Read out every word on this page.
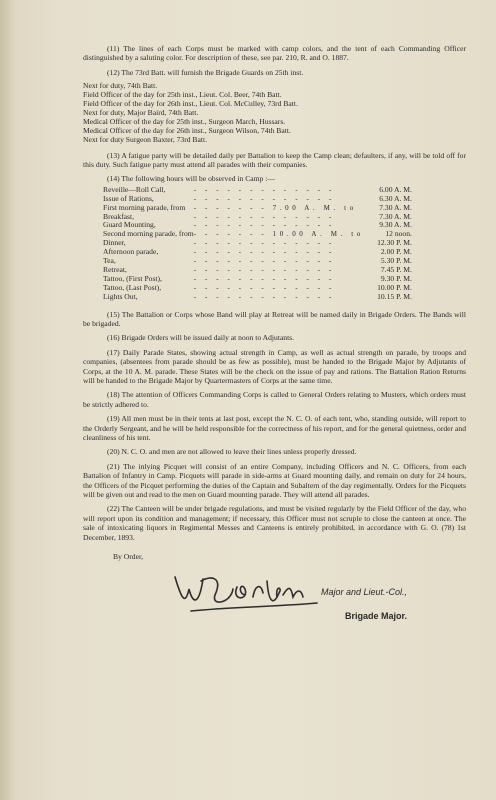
(11) The lines of each Corps must be marked with camp colors, and the tent of each Commanding Officer distinguished by a saluting color. For description of these, see par. 210, R. and O. 1887.

(12) The 73rd Batt. will furnish the Brigade Guards on 25th inst.

Next for duty, 74th Batt.
Field Officer of the day for 25th inst., Lieut. Col. Beer, 74th Batt.
Field Officer of the day for 26th inst., Lieut. Col. McCulley, 73rd Batt.
Next for duty, Major Baird, 74th Batt.
Medical Officer of the day for 25th inst., Surgeon March, Hussars.
Medical Officer of the day for 26th inst., Surgeon Wilson, 74th Batt.
Next for duty Surgeon Baxter, 73rd Batt.

(13) A fatigue party will be detailed daily per Battalion to keep the Camp clean; defaulters, if any, will be told off for this duty. Such fatigue party must attend all parades with their companies.

(14) The following hours will be observed in Camp :—

Reveille—Roll Call,	- - - - - - - - - - - - -	6.00 A. M.
Issue of Rations,	- - - - - - - - - - - - -	6.30 A. M.
First morning parade, from	- - - - - - - 7.00 A. M. to	7.30 A. M.
Breakfast,	- - - - - - - - - - - - -	7.30 A. M.
Guard Mounting,	- - - - - - - - - - - - -	9.30 A. M.
Second morning parade, from	- - - - - - - 10.00 A. M. to	12 noon.
Dinner,	- - - - - - - - - - - - -	12.30 P. M.
Afternoon parade,	- - - - - - - - - - - - -	2.00 P. M.
Tea,	- - - - - - - - - - - - -	5.30 P. M.
Retreat,	- - - - - - - - - - - - -	7.45 P. M.
Tattoo, (First Post),	- - - - - - - - - - - - -	9.30 P. M.
Tattoo, (Last Post),	- - - - - - - - - - - - -	10.00 P. M.
Lights Out,	- - - - - - - - - - - - -	10.15 P. M.

(15) The Battalion or Corps whose Band will play at Retreat will be named daily in Brigade Orders. The Bands will be brigaded.

(16) Brigade Orders will be issued daily at noon to Adjutants.

(17) Daily Parade States, showing actual strength in Camp, as well as actual strength on parade, by troops and companies, (absentees from parade should be as few as possible), must be handed to the Brigade Major by Adjutants of Corps, at the 10 A. M. parade. These States will be the check on the issue of pay and rations. The Battalion Ration Returns will be handed to the Brigade Major by Quartermasters of Corps at the same time.

(18) The attention of Officers Commanding Corps is called to General Orders relating to Musters, which orders must be strictly adhered to.

(19) All men must be in their tents at last post, except the N. C. O. of each tent, who, standing outside, will report to the Orderly Sergeant, and he will be held responsible for the correctness of his report, and for the general quietness, order and cleanliness of his tent.

(20) N. C. O. and men are not allowed to leave their lines unless properly dressed.

(21) The inlying Picquet will consist of an entire Company, including Officers and N. C. Officers, from each Battalion of Infantry in Camp. Picquets will parade in side-arms at Guard mounting daily, and remain on duty for 24 hours, the Officers of the Picquet performing the duties of the Captain and Subaltern of the day regimentally. Orders for the Picquets will be given out and read to the men on Guard mounting parade. They will attend all parades.

(22) The Canteen will be under brigade regulations, and must be visited regularly by the Field Officer of the day, who will report upon its condition and management; if necessary, this Officer must not scruple to close the canteen at once. The sale of intoxicating liquors in Regimental Messes and Canteens is entirely prohibited, in accordance with G. O. (78) 1st December, 1893.

By Order,
Major and Lieut.-Col.,
Brigade Major.
